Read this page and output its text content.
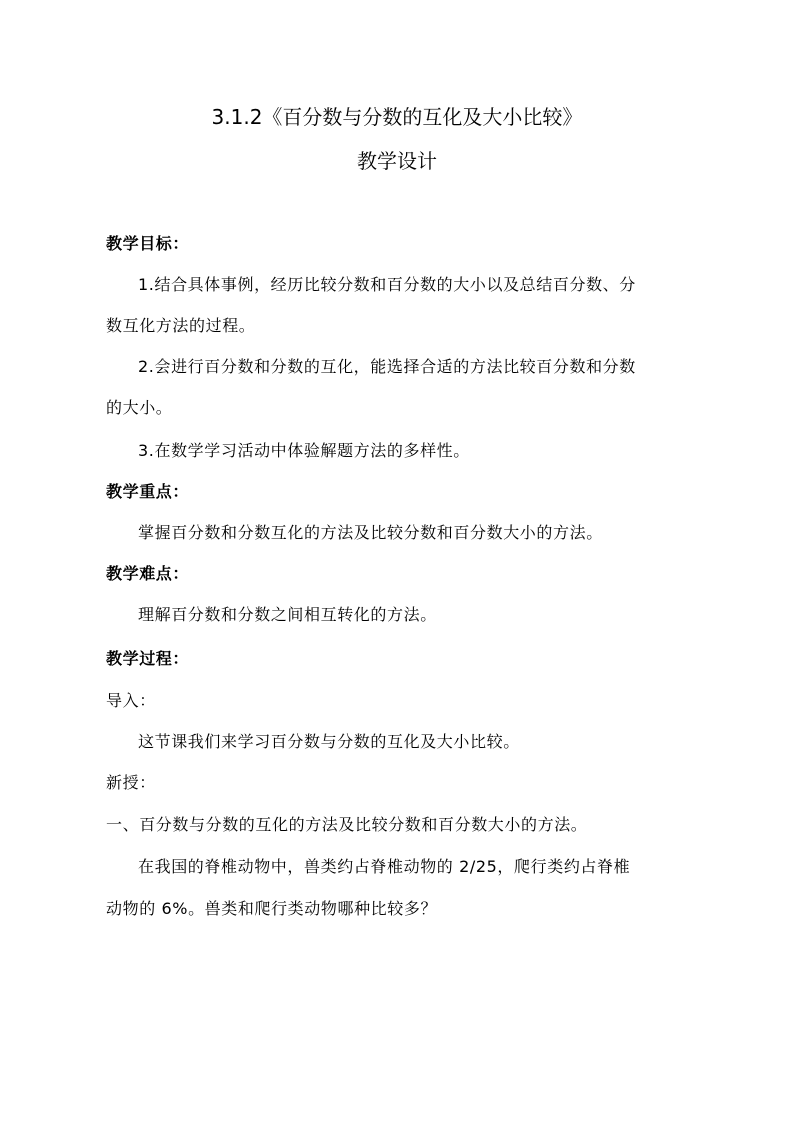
3.1.2《百分数与分数的互化及大小比较》
教学设计
教学目标：
1.结合具体事例，经历比较分数和百分数的大小以及总结百分数、分
数互化方法的过程。
2.会进行百分数和分数的互化，能选择合适的方法比较百分数和分数
的大小。
3.在数学学习活动中体验解题方法的多样性。
教学重点：
掌握百分数和分数互化的方法及比较分数和百分数大小的方法。
教学难点：
理解百分数和分数之间相互转化的方法。
教学过程：
导入：
这节课我们来学习百分数与分数的互化及大小比较。
新授：
一、百分数与分数的互化的方法及比较分数和百分数大小的方法。
在我国的脊椎动物中，兽类约占脊椎动物的 2/25，爬行类约占脊椎
动物的 6%。兽类和爬行类动物哪种比较多？
